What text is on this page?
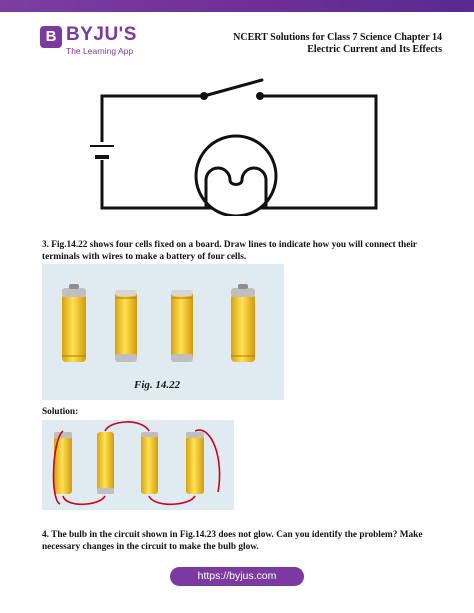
B BYJU'S
The Learning App
NCERT Solutions for Class 7 Science Chapter 14
Electric Current and Its Effects
3. Fig.14.22 shows four cells fixed on a board. Draw lines to indicate how you will connect their terminals with wires to make a battery of four cells.
Fig. 14.22
Solution:
4. The bulb in the circuit shown in Fig.14.23 does not glow. Can you identify the problem? Make necessary changes in the circuit to make the bulb glow.
https://byjus.com
